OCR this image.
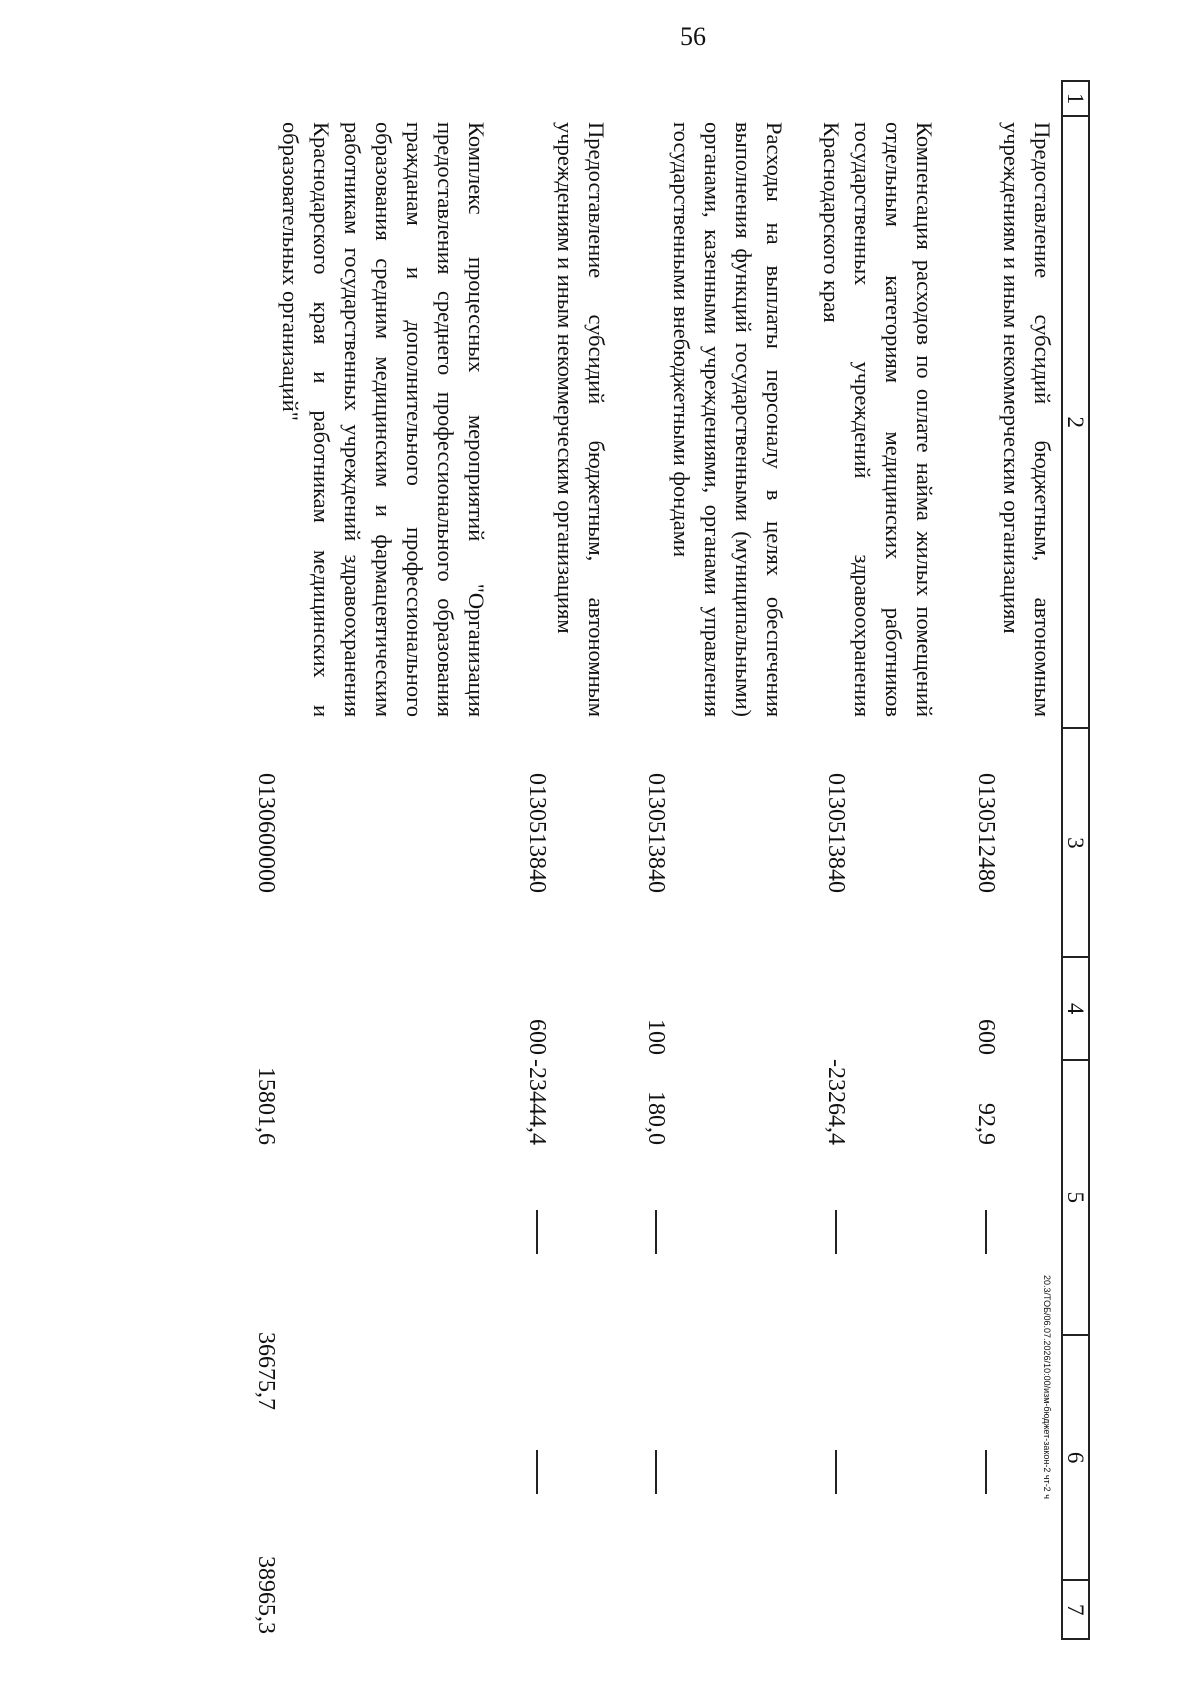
56
1
2
3
4
5
6
7
Предоставление субсидий бюджетным, автономным учреждениям и иным некоммерческим организациям
0130512480
600
92,9
Компенсация расходов по оплате найма жилых помещений отдельным категориям медицинских работников государственных учреждений здравоохранения Краснодарского края
0130513840
-23264,4
Расходы на выплаты персоналу в целях обеспечения выполнения функций государственными (муниципальными) органами, казенными учреждениями, органами управления государственными внебюджетными фондами
0130513840
100
180,0
Предоставление субсидий бюджетным, автономным учреждениям и иным некоммерческим организациям
0130513840
600
-23444,4
Комплекс процессных мероприятий "Организация предоставления среднего профессионального образования гражданам и дополнительного профессионального образования средним медицинским и фармацевтическим работникам государственных учреждений здравоохранения Краснодарского края и работникам медицинских и образовательных организаций"
0130600000
15801,6
36675,7
38965,3
20.3/ТОБ/06.07.2026/10:00/изм-бюджет-закон-2 чт-2 ч
